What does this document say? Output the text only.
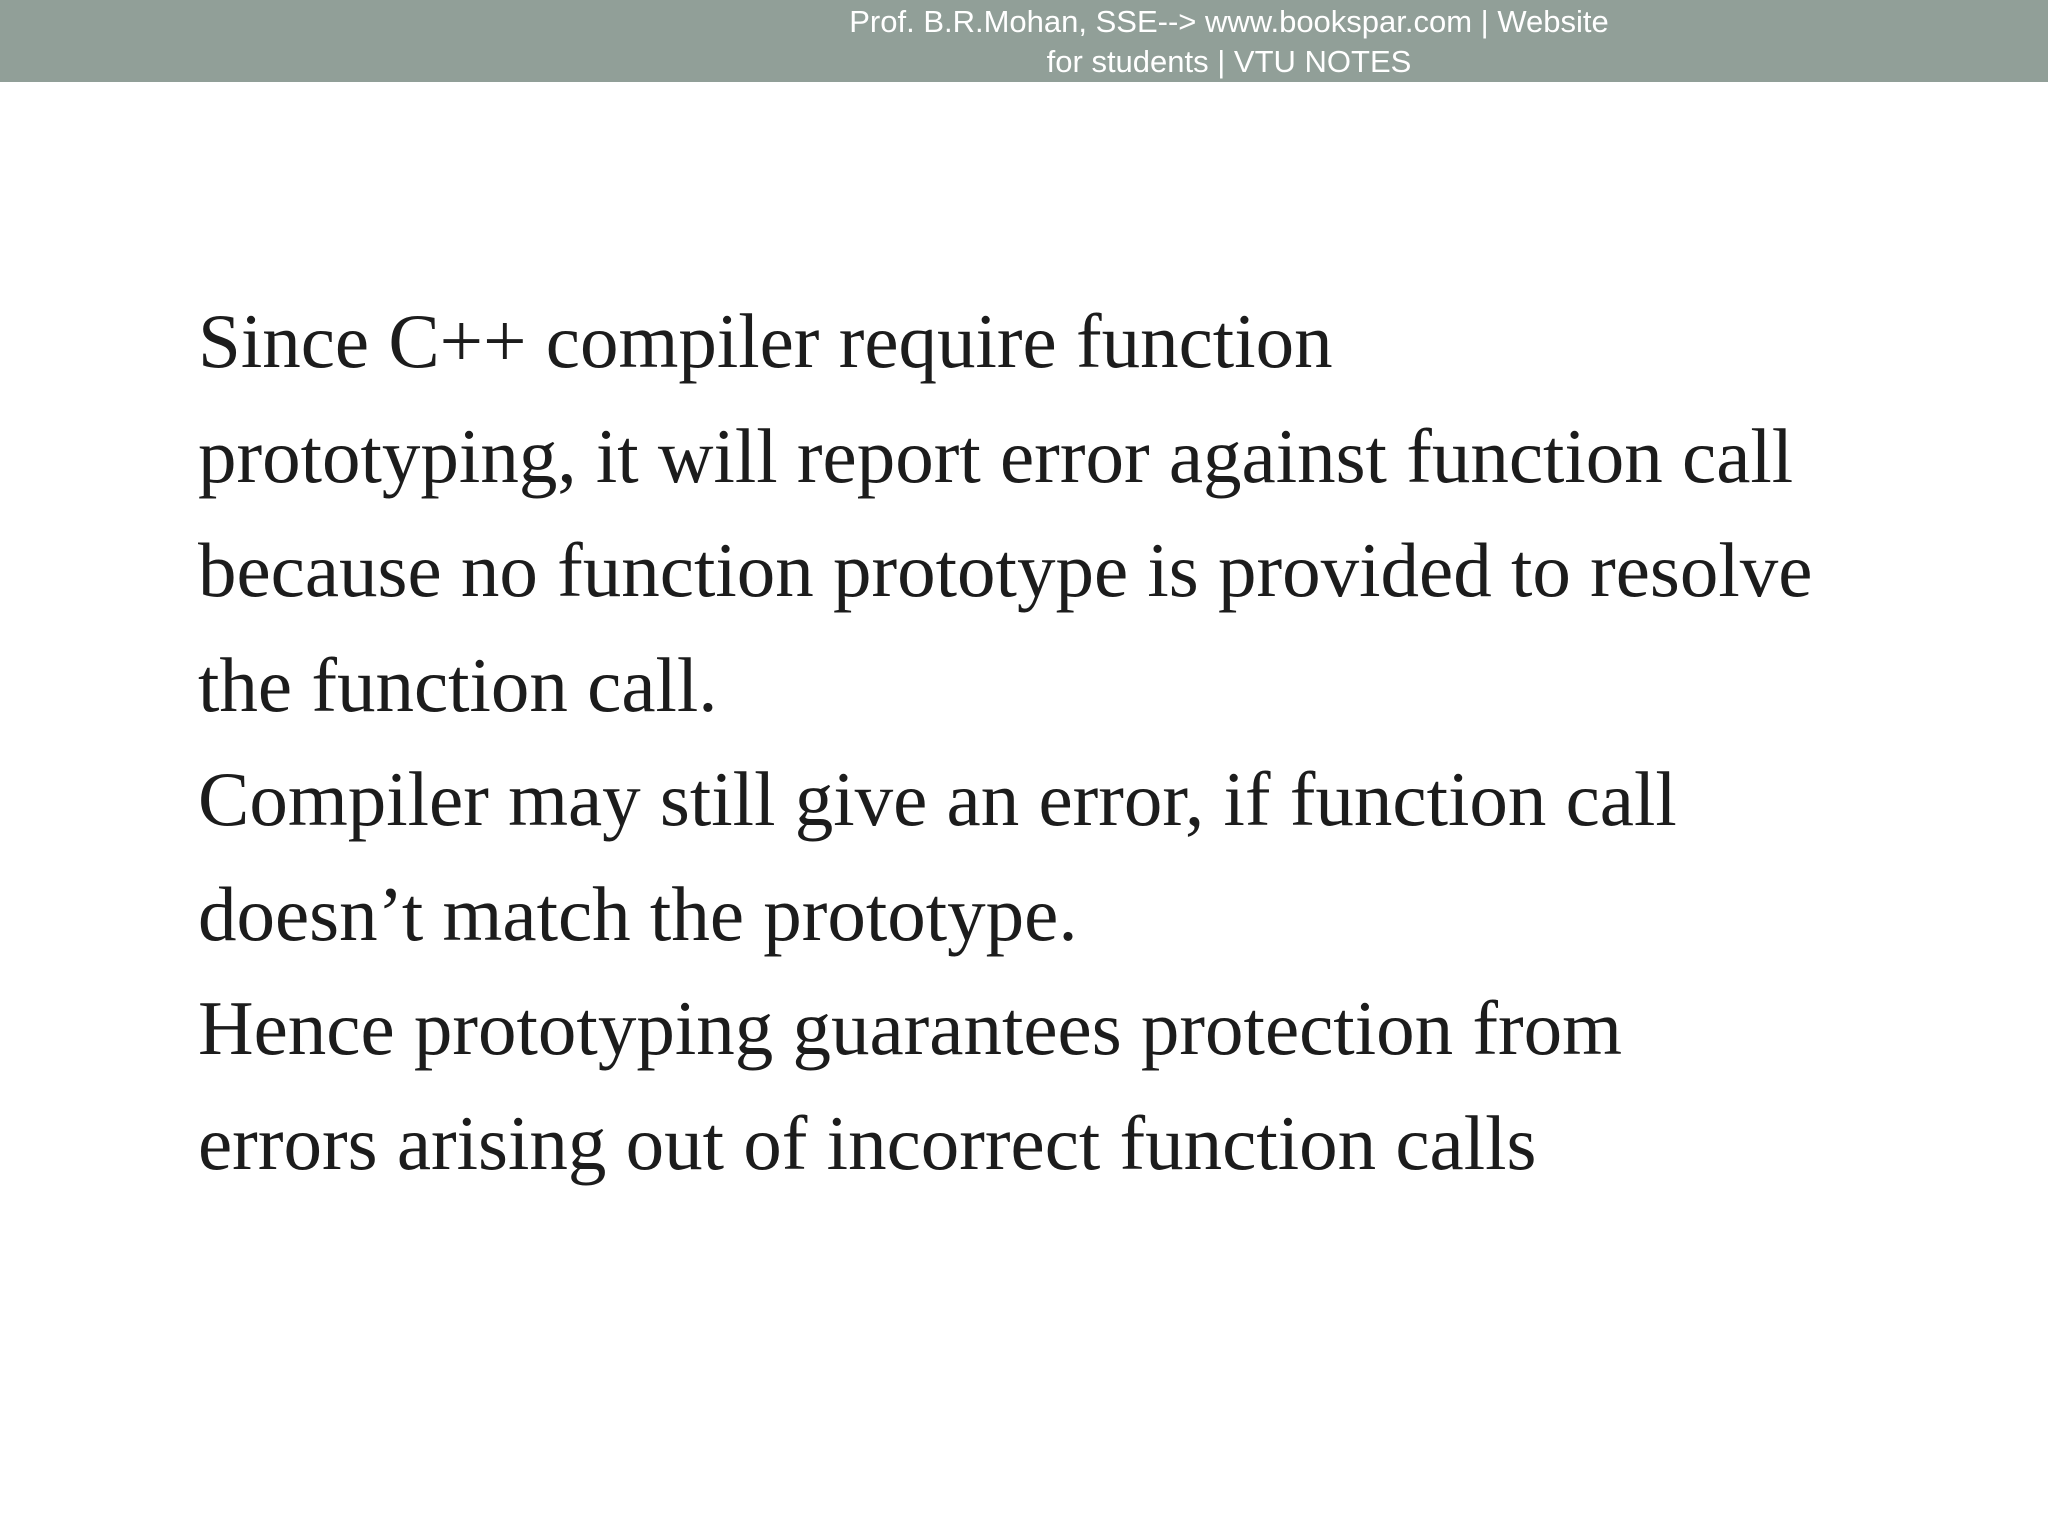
Prof. B.R.Mohan, SSE--> www.bookspar.com | Website
for students | VTU NOTES

Since C++ compiler require function
prototyping, it will report error against function call
because no function prototype is provided to resolve
the function call.

Compiler may still give an error, if function call
doesn’t match the prototype.

Hence prototyping guarantees protection from
errors arising out of incorrect function calls
